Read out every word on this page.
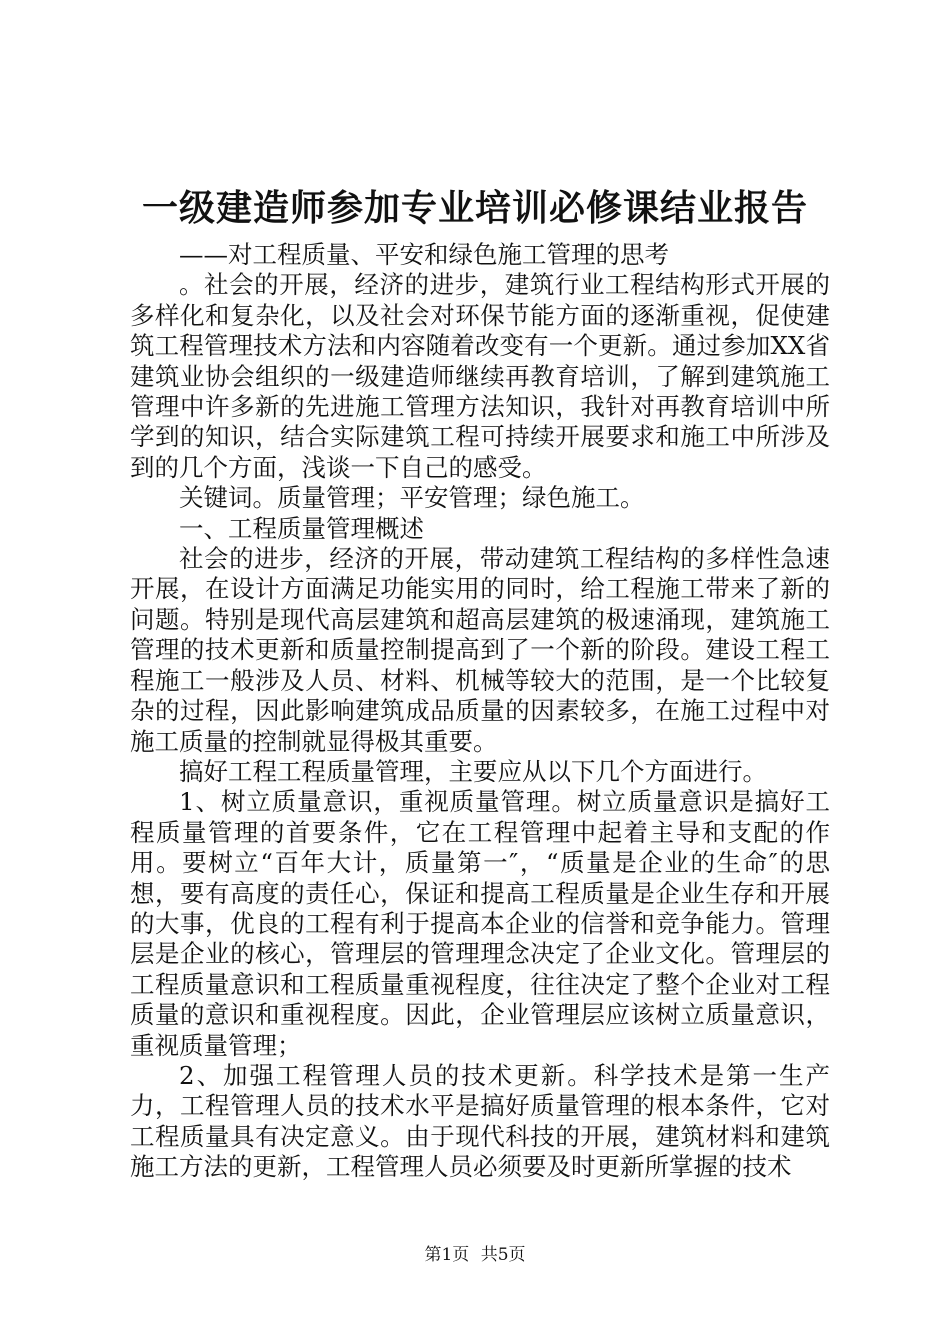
一级建造师参加专业培训必修课结业报告

——对工程质量、平安和绿色施工管理的思考

。社会的开展，经济的进步，建筑行业工程结构形式开展的多样化和复杂化，以及社会对环保节能方面的逐渐重视，促使建筑工程管理技术方法和内容随着改变有一个更新。通过参加XX省建筑业协会组织的一级建造师继续再教育培训，了解到建筑施工管理中许多新的先进施工管理方法知识，我针对再教育培训中所学到的知识，结合实际建筑工程可持续开展要求和施工中所涉及到的几个方面，浅谈一下自己的感受。

关键词。质量管理；平安管理；绿色施工。

一、工程质量管理概述

社会的进步，经济的开展，带动建筑工程结构的多样性急速开展，在设计方面满足功能实用的同时，给工程施工带来了新的问题。特别是现代高层建筑和超高层建筑的极速涌现，建筑施工管理的技术更新和质量控制提高到了一个新的阶段。建设工程工程施工一般涉及人员、材料、机械等较大的范围，是一个比较复杂的过程，因此影响建筑成品质量的因素较多，在施工过程中对施工质量的控制就显得极其重要。

搞好工程工程质量管理，主要应从以下几个方面进行。

1、树立质量意识，重视质量管理。树立质量意识是搞好工程质量管理的首要条件，它在工程管理中起着主导和支配的作用。要树立“百年大计，质量第一″，“质量是企业的生命″的思想，要有高度的责任心，保证和提高工程质量是企业生存和开展的大事，优良的工程有利于提高本企业的信誉和竞争能力。管理层是企业的核心，管理层的管理理念决定了企业文化。管理层的工程质量意识和工程质量重视程度，往往决定了整个企业对工程质量的意识和重视程度。因此，企业管理层应该树立质量意识，重视质量管理；

2、加强工程管理人员的技术更新。科学技术是第一生产力，工程管理人员的技术水平是搞好质量管理的根本条件，它对工程质量具有决定意义。由于现代科技的开展，建筑材料和建筑施工方法的更新，工程管理人员必须要及时更新所掌握的技术

第1页 共5页
